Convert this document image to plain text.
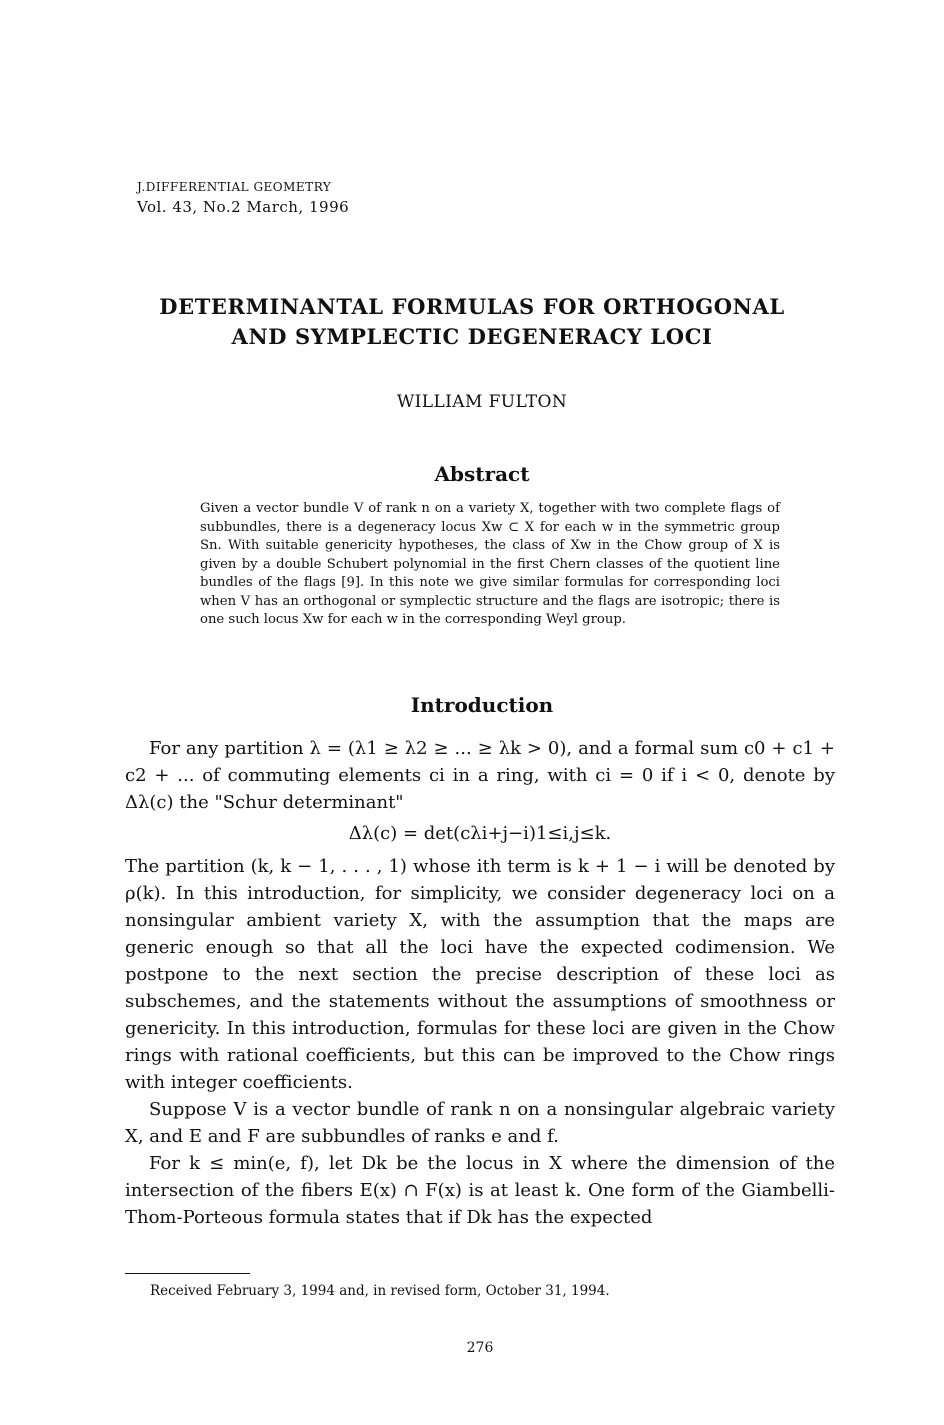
J.DIFFERENTIAL GEOMETRY
Vol. 43, No.2 March, 1996
DETERMINANTAL FORMULAS FOR ORTHOGONAL
AND SYMPLECTIC DEGENERACY LOCI
WILLIAM FULTON
Abstract
Given a vector bundle V of rank n on a variety X, together with two complete flags of subbundles, there is a degeneracy locus Xw ⊂ X for each w in the symmetric group Sn. With suitable genericity hypotheses, the class of Xw in the Chow group of X is given by a double Schubert polynomial in the first Chern classes of the quotient line bundles of the flags [9]. In this note we give similar formulas for corresponding loci when V has an orthogonal or symplectic structure and the flags are isotropic; there is one such locus Xw for each w in the corresponding Weyl group.
Introduction

For any partition λ = (λ1 ≥ λ2 ≥ ... ≥ λk > 0), and a formal sum c0 + c1 + c2 + ... of commuting elements ci in a ring, with ci = 0 if i < 0, denote by Δλ(c) the "Schur determinant"

Δλ(c) = det(cλi+j−i)1≤i,j≤k.

The partition (k, k − 1, . . . , 1) whose ith term is k + 1 − i will be denoted by ρ(k). In this introduction, for simplicity, we consider degeneracy loci on a nonsingular ambient variety X, with the assumption that the maps are generic enough so that all the loci have the expected codimension. We postpone to the next section the precise description of these loci as subschemes, and the statements without the assumptions of smoothness or genericity. In this introduction, formulas for these loci are given in the Chow rings with rational coefficients, but this can be improved to the Chow rings with integer coefficients.

Suppose V is a vector bundle of rank n on a nonsingular algebraic variety X, and E and F are subbundles of ranks e and f.

For k ≤ min(e, f), let Dk be the locus in X where the dimension of the intersection of the fibers E(x) ∩ F(x) is at least k. One form of the Giambelli-Thom-Porteous formula states that if Dk has the expected

Received February 3, 1994 and, in revised form, October 31, 1994.
276
